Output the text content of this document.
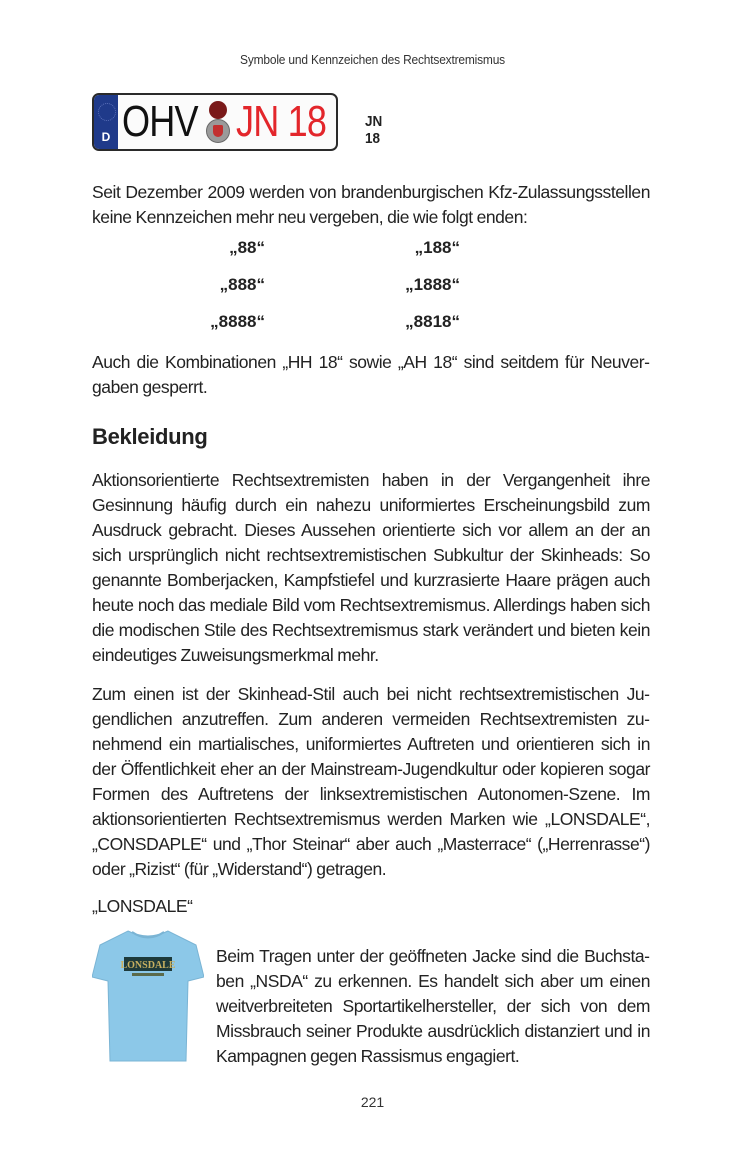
Symbole und Kennzeichen des Rechtsextremismus
D OHV JN 18	JN 18

Seit Dezember 2009 werden von brandenburgischen Kfz-Zulassungsstellen keine Kennzeichen mehr neu vergeben, die wie folgt enden:

„88“	„188“
„888“	„1888“
„8888“	„8818“

Auch die Kombinationen „HH 18“ sowie „AH 18“ sind seitdem für Neuvergaben gesperrt.

Bekleidung

Aktionsorientierte Rechtsextremisten haben in der Vergangenheit ihre Gesinnung häufig durch ein nahezu uniformiertes Erscheinungsbild zum Ausdruck gebracht. Dieses Aussehen orientierte sich vor allem an der an sich ursprünglich nicht rechtsextremistischen Subkultur der Skinheads: So genannte Bomberjacken, Kampfstiefel und kurzrasierte Haare prägen auch heute noch das mediale Bild vom Rechtsextremismus. Allerdings haben sich die modischen Stile des Rechtsextremismus stark verändert und bieten kein eindeutiges Zuweisungsmerkmal mehr.

Zum einen ist der Skinhead-Stil auch bei nicht rechtsextremistischen Jugendlichen anzutreffen. Zum anderen vermeiden Rechtsextremisten zunehmend ein martialisches, uniformiertes Auftreten und orientieren sich in der Öffentlichkeit eher an der Mainstream-Jugendkultur oder kopieren sogar Formen des Auftretens der linksextremistischen Autonomen-Szene. Im aktionsorientierten Rechtsextremismus werden Marken wie „LONSDALE“, „CONSDAPLE“ und „Thor Steinar“ aber auch „Masterrace“ („Herrenrasse“) oder „Rizist“ (für „Widerstand“) getragen.

„LONSDALE“

LONSDALE Beim Tragen unter der geöffneten Jacke sind die Buchstaben „NSDA“ zu erkennen. Es handelt sich aber um einen weitverbreiteten Sportartikelhersteller, der sich von dem Missbrauch seiner Produkte ausdrücklich distanziert und in Kampagnen gegen Rassismus engagiert.

221
